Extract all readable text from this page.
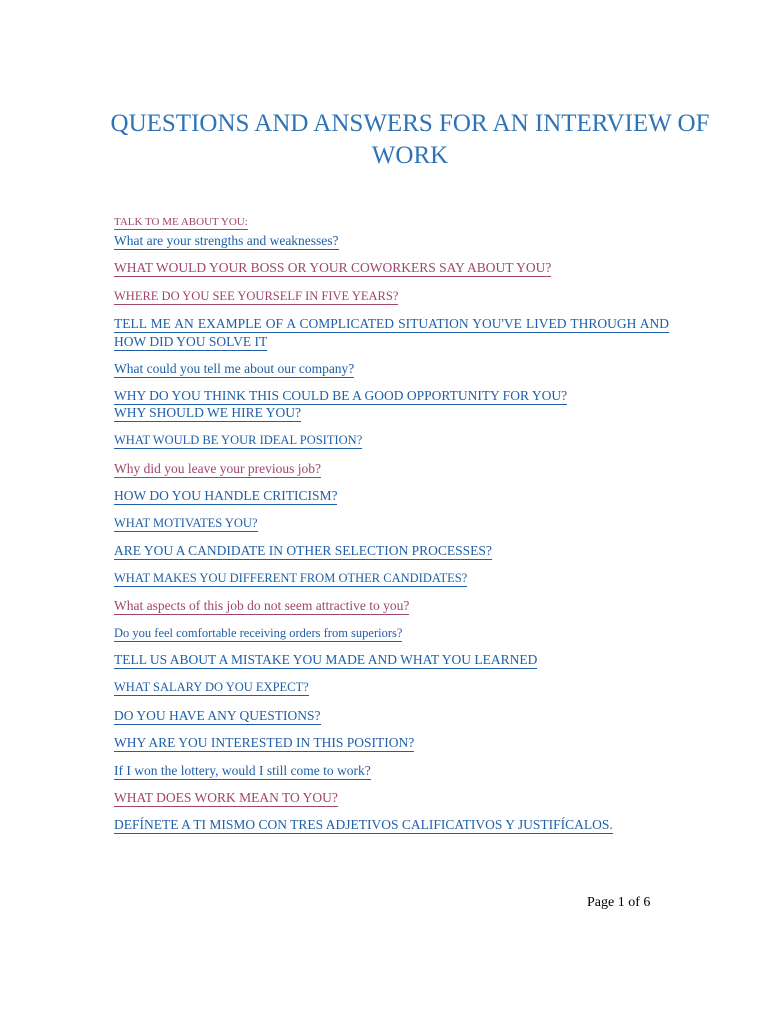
QUESTIONS AND ANSWERS FOR AN INTERVIEW OF WORK

TALK TO ME ABOUT YOU:

What are your strengths and weaknesses?

WHAT WOULD YOUR BOSS OR YOUR COWORKERS SAY ABOUT YOU?

WHERE DO YOU SEE YOURSELF IN FIVE YEARS?

TELL ME AN EXAMPLE OF A COMPLICATED SITUATION YOU'VE LIVED THROUGH AND HOW DID YOU SOLVE IT

What could you tell me about our company?

WHY DO YOU THINK THIS COULD BE A GOOD OPPORTUNITY FOR YOU?

WHY SHOULD WE HIRE YOU?

WHAT WOULD BE YOUR IDEAL POSITION?

Why did you leave your previous job?

HOW DO YOU HANDLE CRITICISM?

WHAT MOTIVATES YOU?

ARE YOU A CANDIDATE IN OTHER SELECTION PROCESSES?

WHAT MAKES YOU DIFFERENT FROM OTHER CANDIDATES?

What aspects of this job do not seem attractive to you?

Do you feel comfortable receiving orders from superiors?

TELL US ABOUT A MISTAKE YOU MADE AND WHAT YOU LEARNED

WHAT SALARY DO YOU EXPECT?

DO YOU HAVE ANY QUESTIONS?

WHY ARE YOU INTERESTED IN THIS POSITION?

If I won the lottery, would I still come to work?

WHAT DOES WORK MEAN TO YOU?

DEFÍNETE A TI MISMO CON TRES ADJETIVOS CALIFICATIVOS Y JUSTIFÍCALOS.

Page 1 of 6
